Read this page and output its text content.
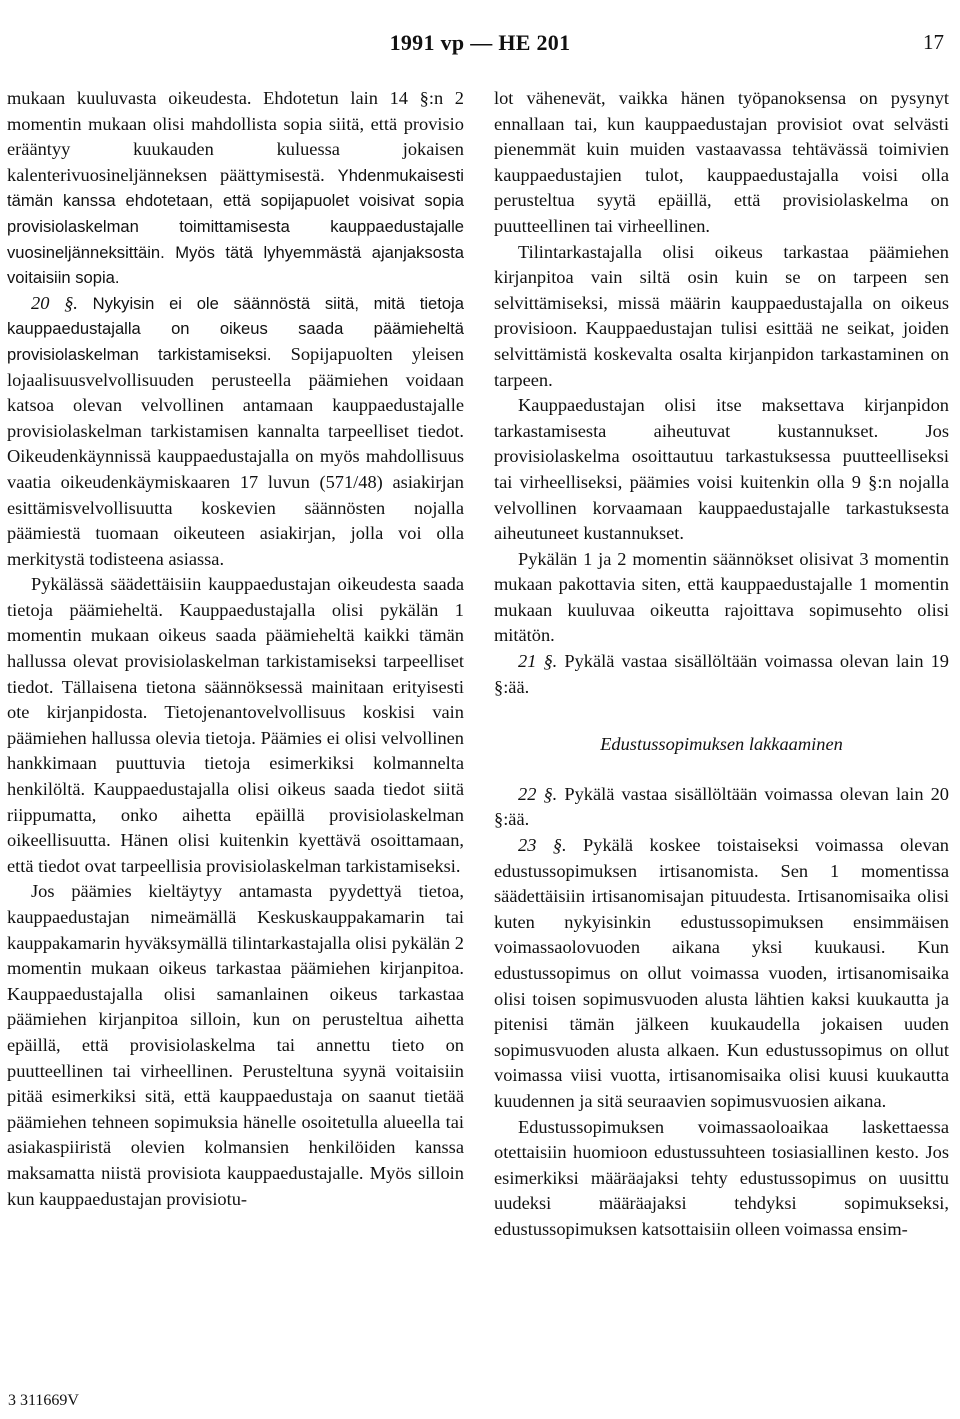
1991 vp — HE 201	17

mukaan kuuluvasta oikeudesta. Ehdotetun lain 14 §:n 2 momentin mukaan olisi mahdollista sopia siitä, että provisio erääntyy kuukauden kuluessa jokaisen kalenterivuosineljänneksen päättymisestä. Yhdenmukaisesti tämän kanssa ehdotetaan, että sopijapuolet voisivat sopia provisiolaskelman toimittamisesta kauppaedustajalle vuosineljänneksittäin. Myös tätä lyhyemmästä ajanjaksosta voitaisiin sopia.

20 §. Nykyisin ei ole säännöstä siitä, mitä tietoja kauppaedustajalla on oikeus saada päämieheltä provisiolaskelman tarkistamiseksi. Sopijapuolten yleisen lojaalisuusvelvollisuuden perusteella päämiehen voidaan katsoa olevan velvollinen antamaan kauppaedustajalle provisiolaskelman tarkistamisen kannalta tarpeelliset tiedot. Oikeudenkäynnissä kauppaedustajalla on myös mahdollisuus vaatia oikeudenkäymiskaaren 17 luvun (571/48) asiakirjan esittämisvelvollisuutta koskevien säännösten nojalla päämiestä tuomaan oikeuteen asiakirjan, jolla voi olla merkitystä todisteena asiassa.

Pykälässä säädettäisiin kauppaedustajan oikeudesta saada tietoja päämieheltä. Kauppaedustajalla olisi pykälän 1 momentin mukaan oikeus saada päämieheltä kaikki tämän hallussa olevat provisiolaskelman tarkistamiseksi tarpeelliset tiedot. Tällaisena tietona säännöksessä mainitaan erityisesti ote kirjanpidosta. Tietojenantovelvollisuus koskisi vain päämiehen hallussa olevia tietoja. Päämies ei olisi velvollinen hankkimaan puuttuvia tietoja esimerkiksi kolmannelta henkilöltä. Kauppaedustajalla olisi oikeus saada tiedot siitä riippumatta, onko aihetta epäillä provisiolaskelman oikeellisuutta. Hänen olisi kuitenkin kyettävä osoittamaan, että tiedot ovat tarpeellisia provisiolaskelman tarkistamiseksi.

Jos päämies kieltäytyy antamasta pyydettyä tietoa, kauppaedustajan nimeämällä Keskuskauppakamarin tai kauppakamarin hyväksymällä tilintarkastajalla olisi pykälän 2 momentin mukaan oikeus tarkastaa päämiehen kirjanpitoa. Kauppaedustajalla olisi samanlainen oikeus tarkastaa päämiehen kirjanpitoa silloin, kun on perusteltua aihetta epäillä, että provisiolaskelma tai annettu tieto on puutteellinen tai virheellinen. Perusteltuna syynä voitaisiin pitää esimerkiksi sitä, että kauppaedustaja on saanut tietää päämiehen tehneen sopimuksia hänelle osoitetulla alueella tai asiakaspiiristä olevien kolmansien henkilöiden kanssa maksamatta niistä provisiota kauppaedustajalle. Myös silloin kun kauppaedustajan provisiotu-

lot vähenevät, vaikka hänen työpanoksensa on pysynyt ennallaan tai, kun kauppaedustajan provisiot ovat selvästi pienemmät kuin muiden vastaavassa tehtävässä toimivien kauppaedustajien tulot, kauppaedustajalla voisi olla perusteltua syytä epäillä, että provisiolaskelma on puutteellinen tai virheellinen.

Tilintarkastajalla olisi oikeus tarkastaa päämiehen kirjanpitoa vain siltä osin kuin se on tarpeen sen selvittämiseksi, missä määrin kauppaedustajalla on oikeus provisioon. Kauppaedustajan tulisi esittää ne seikat, joiden selvittämistä koskevalta osalta kirjanpidon tarkastaminen on tarpeen.

Kauppaedustajan olisi itse maksettava kirjanpidon tarkastamisesta aiheutuvat kustannukset. Jos provisiolaskelma osoittautuu tarkastuksessa puutteelliseksi tai virheelliseksi, päämies voisi kuitenkin olla 9 §:n nojalla velvollinen korvaamaan kauppaedustajalle tarkastuksesta aiheutuneet kustannukset.

Pykälän 1 ja 2 momentin säännökset olisivat 3 momentin mukaan pakottavia siten, että kauppaedustajalle 1 momentin mukaan kuuluvaa oikeutta rajoittava sopimusehto olisi mitätön.

21 §. Pykälä vastaa sisällöltään voimassa olevan lain 19 §:ää.

Edustussopimuksen lakkaaminen

22 §. Pykälä vastaa sisällöltään voimassa olevan lain 20 §:ää.

23 §. Pykälä koskee toistaiseksi voimassa olevan edustussopimuksen irtisanomista. Sen 1 momentissa säädettäisiin irtisanomisajan pituudesta. Irtisanomisaika olisi kuten nykyisinkin edustussopimuksen ensimmäisen voimassaolovuoden aikana yksi kuukausi. Kun edustussopimus on ollut voimassa vuoden, irtisanomisaika olisi toisen sopimusvuoden alusta lähtien kaksi kuukautta ja pitenisi tämän jälkeen kuukaudella jokaisen uuden sopimusvuoden alusta alkaen. Kun edustussopimus on ollut voimassa viisi vuotta, irtisanomisaika olisi kuusi kuukautta kuudennen ja sitä seuraavien sopimusvuosien aikana.

Edustussopimuksen voimassaoloaikaa laskettaessa otettaisiin huomioon edustussuhteen tosiasiallinen kesto. Jos esimerkiksi määräajaksi tehty edustussopimus on uusittu uudeksi määräajaksi tehdyksi sopimukseksi, edustussopimuksen katsottaisiin olleen voimassa ensim-

3 311669V
